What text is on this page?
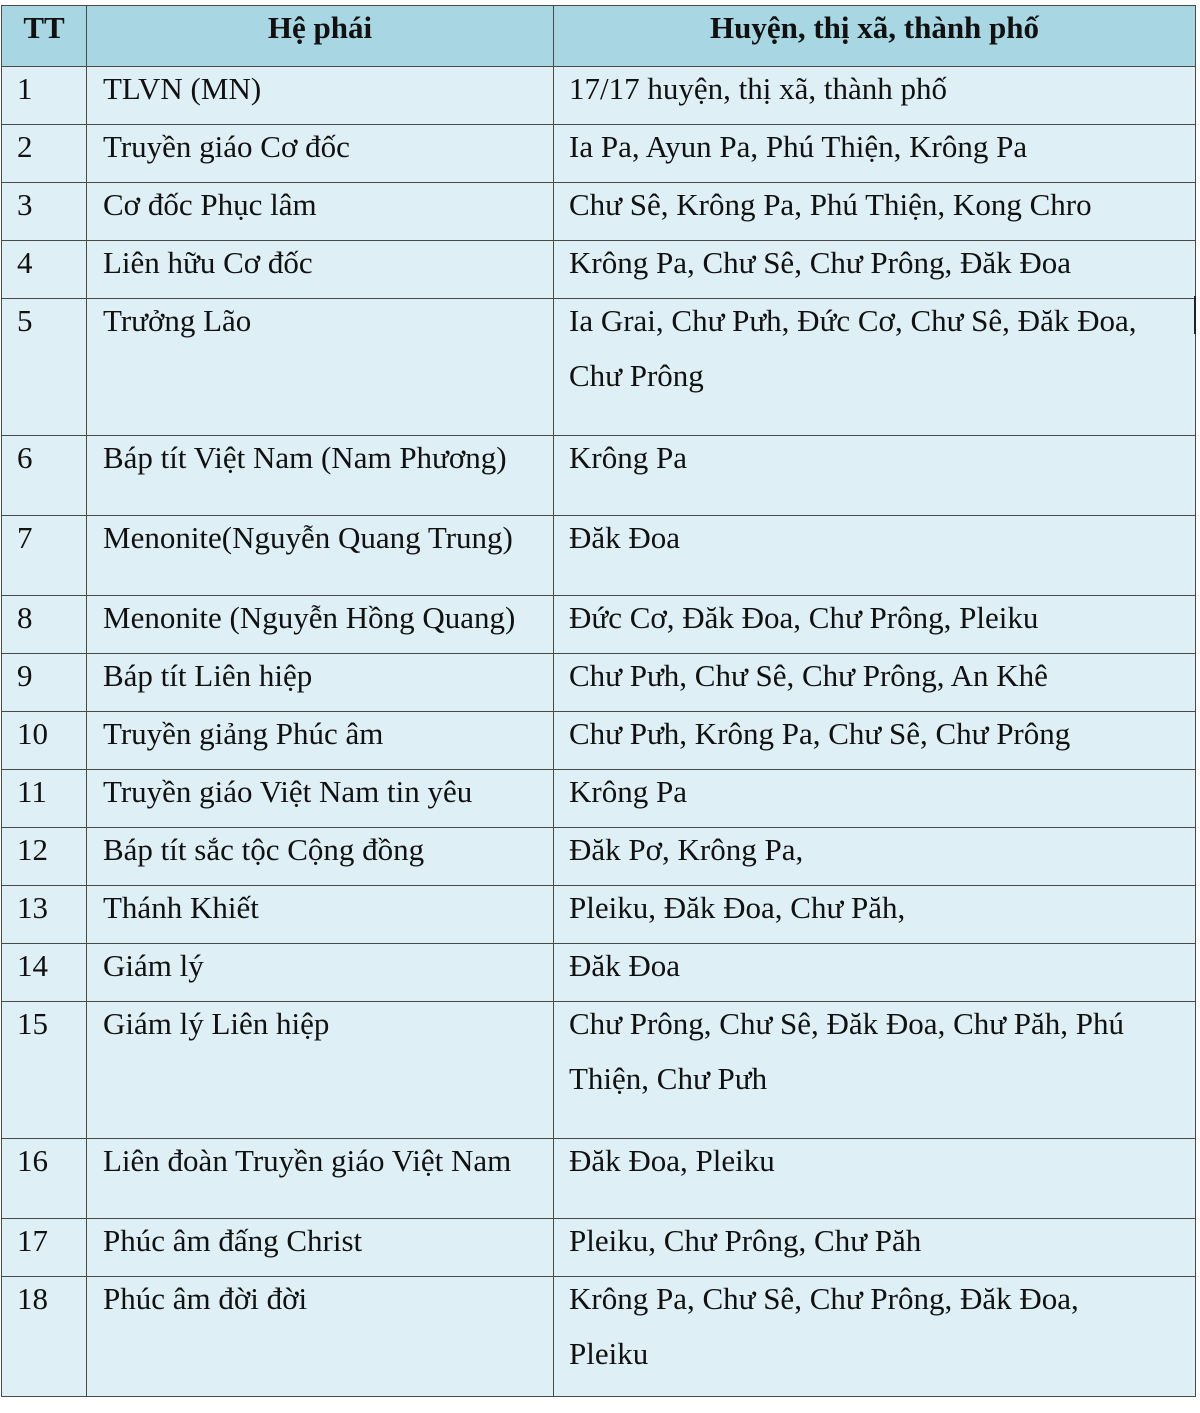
TT	Hệ phái	Huyện, thị xã, thành phố

1	TLVN (MN)	17/17 huyện, thị xã, thành phố

2	Truyền giáo Cơ đốc	Ia Pa, Ayun Pa, Phú Thiện, Krông Pa

3	Cơ đốc Phục lâm	Chư Sê, Krông Pa, Phú Thiện, Kong Chro

4	Liên hữu Cơ đốc	Krông Pa, Chư Sê, Chư Prông, Đăk Đoa

5	Trưởng Lão	Ia Grai, Chư Pưh, Đức Cơ, Chư Sê, Đăk Đoa,
Chư Prông

6	Báp tít Việt Nam (Nam Phương)	Krông Pa

7	Menonite(Nguyễn Quang Trung)	Đăk Đoa

8	Menonite (Nguyễn Hồng Quang)	Đức Cơ, Đăk Đoa, Chư Prông, Pleiku

9	Báp tít Liên hiệp	Chư Pưh, Chư Sê, Chư Prông, An Khê

10	Truyền giảng Phúc âm	Chư Pưh, Krông Pa, Chư Sê, Chư Prông

11	Truyền giáo Việt Nam tin yêu	Krông Pa

12	Báp tít sắc tộc Cộng đồng	Đăk Pơ, Krông Pa,

13	Thánh Khiết	Pleiku, Đăk Đoa, Chư Păh,

14	Giám lý	Đăk Đoa

15	Giám lý Liên hiệp	Chư Prông, Chư Sê, Đăk Đoa, Chư Păh, Phú
Thiện, Chư Pưh

16	Liên đoàn Truyền giáo Việt Nam	Đăk Đoa, Pleiku

17	Phúc âm đấng Christ	Pleiku, Chư Prông, Chư Păh

18	Phúc âm đời đời	Krông Pa, Chư Sê, Chư Prông, Đăk Đoa,
Pleiku
